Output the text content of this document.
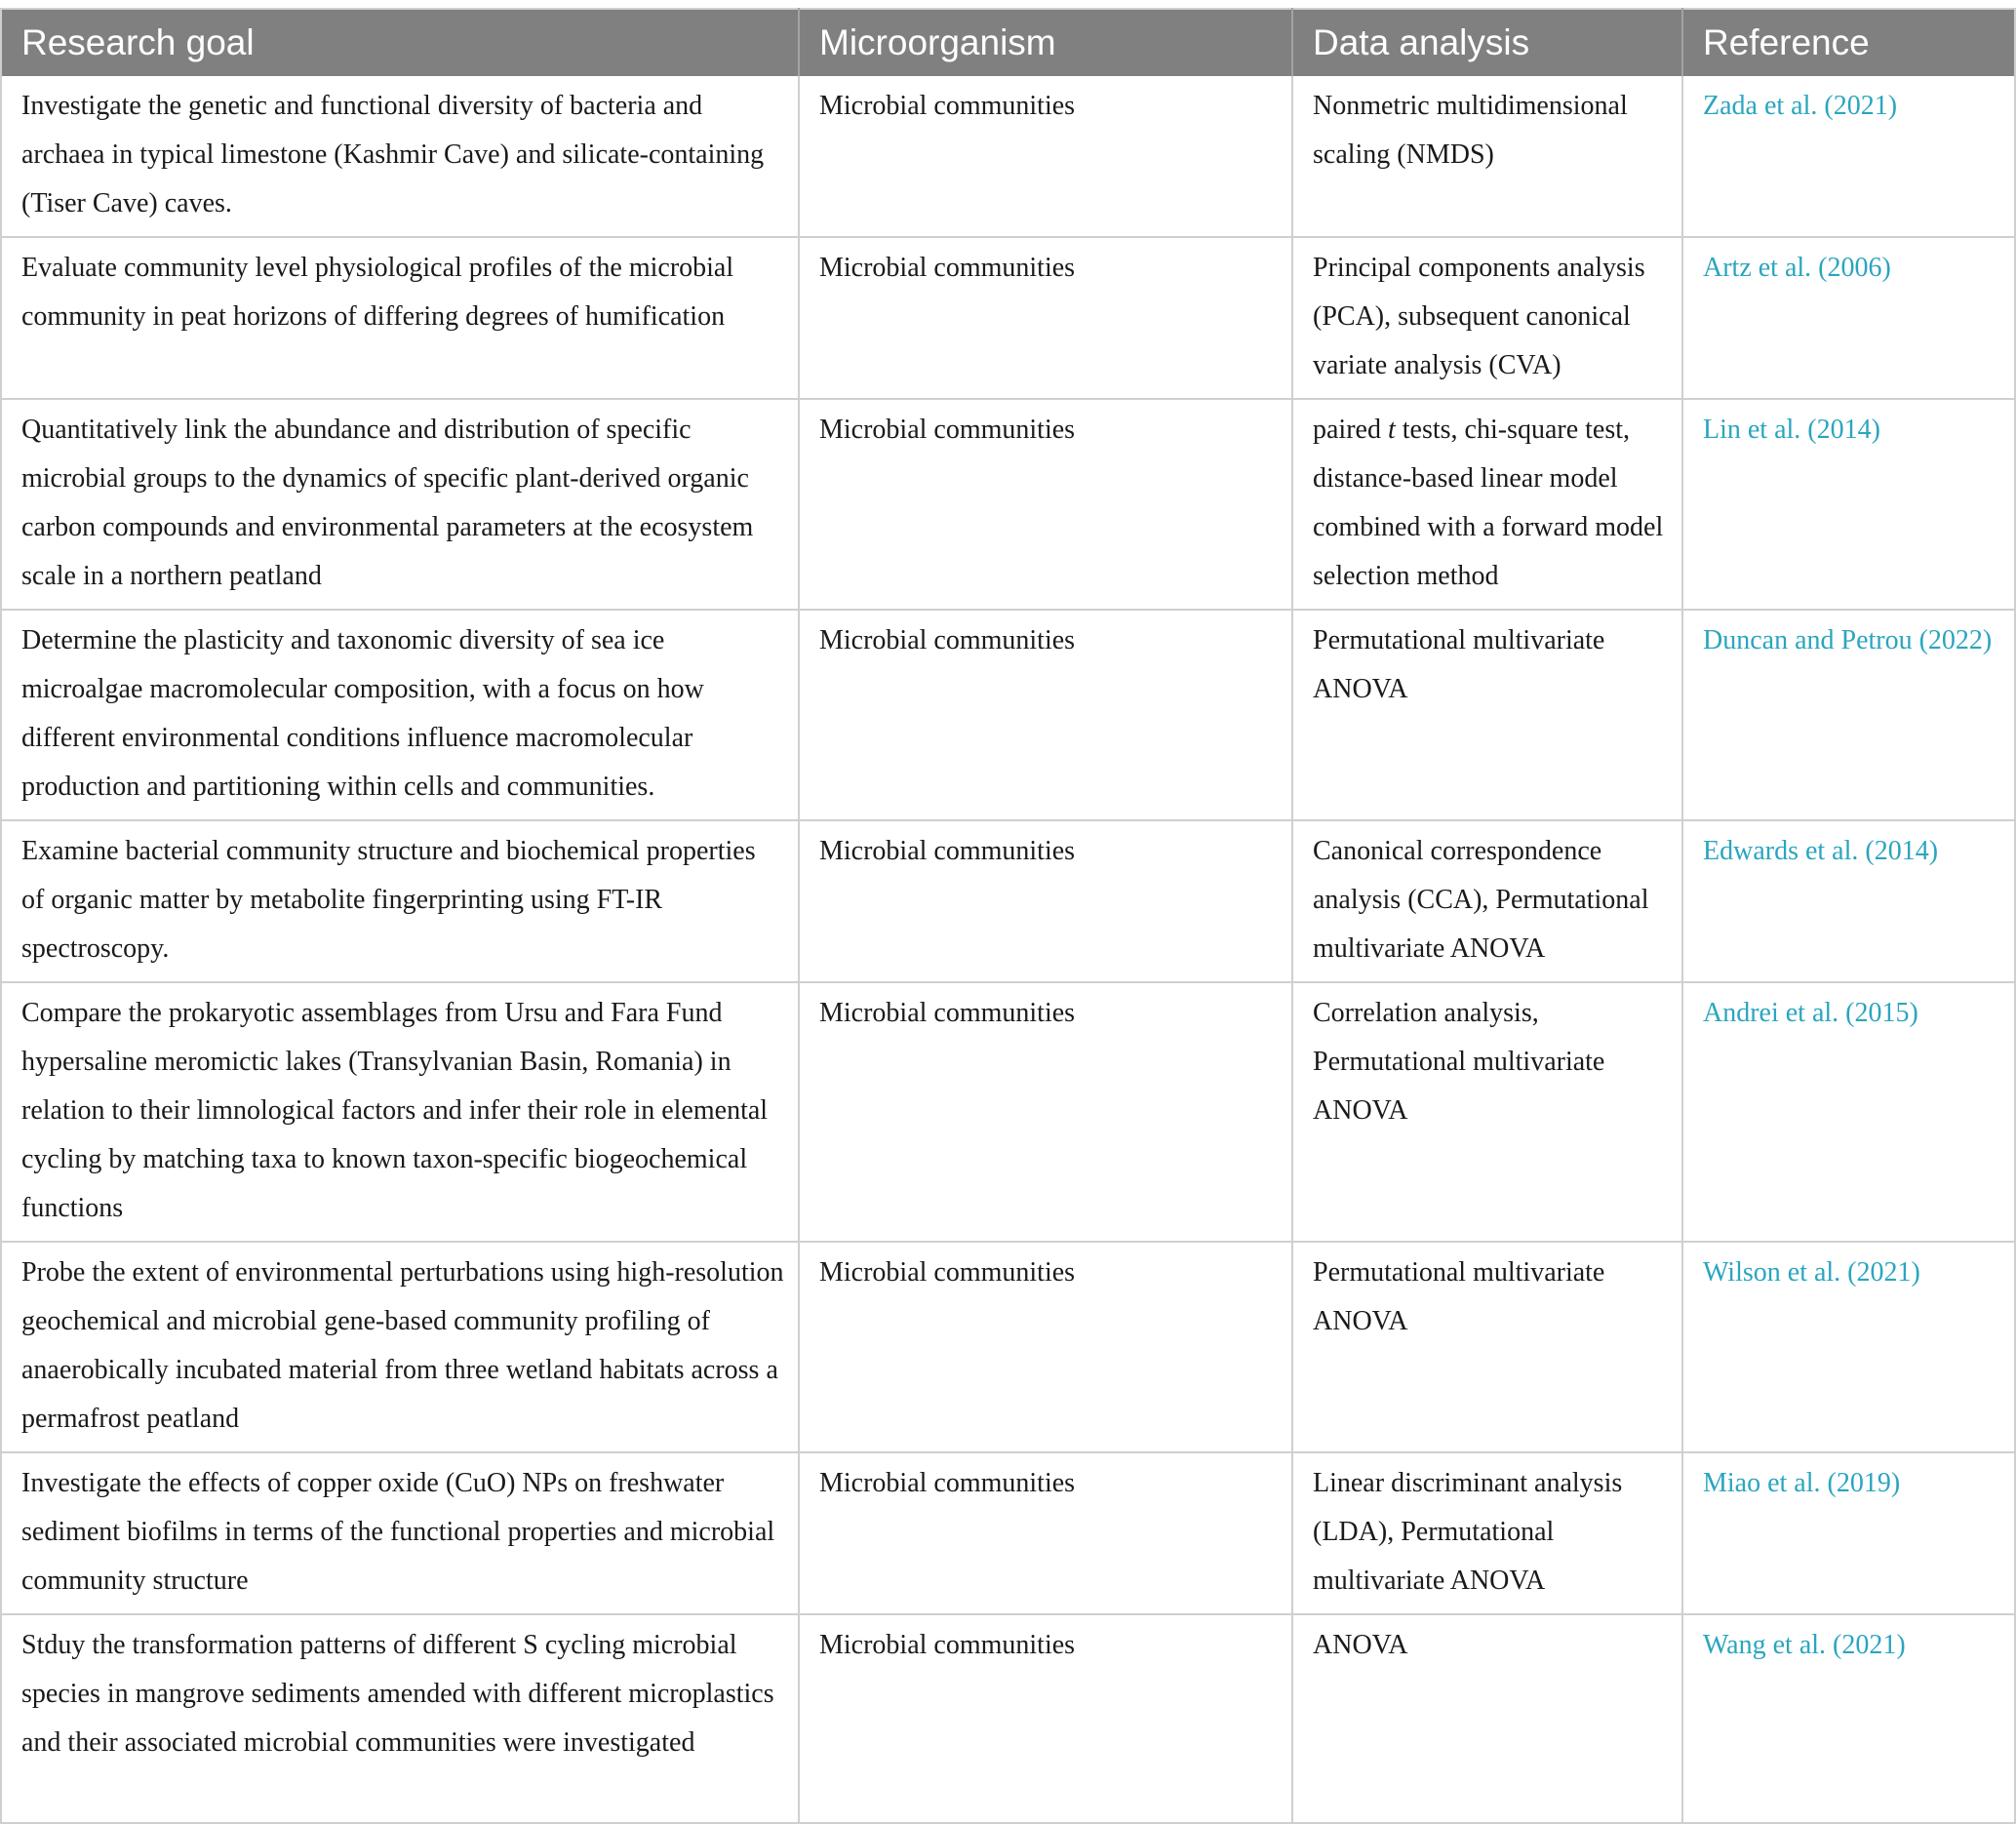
Research goal	Microorganism	Data analysis	Reference
Investigate the genetic and functional diversity of bacteria and archaea in typical limestone (Kashmir Cave) and silicate-containing (Tiser Cave) caves.	Microbial communities	Nonmetric multidimensional scaling (NMDS)	Zada et al. (2021)
Evaluate community level physiological profiles of the microbial community in peat horizons of differing degrees of humification	Microbial communities	Principal components analysis (PCA), subsequent canonical variate analysis (CVA)	Artz et al. (2006)
Quantitatively link the abundance and distribution of specific microbial groups to the dynamics of specific plant-derived organic carbon compounds and environmental parameters at the ecosystem scale in a northern peatland	Microbial communities	paired t tests, chi-square test, distance-based linear model combined with a forward model selection method	Lin et al. (2014)
Determine the plasticity and taxonomic diversity of sea ice microalgae macromolecular composition, with a focus on how different environmental conditions influence macromolecular production and partitioning within cells and communities.	Microbial communities	Permutational multivariate ANOVA	Duncan and Petrou (2022)
Examine bacterial community structure and biochemical properties of organic matter by metabolite fingerprinting using FT-IR spectroscopy.	Microbial communities	Canonical correspondence analysis (CCA), Permutational multivariate ANOVA	Edwards et al. (2014)
Compare the prokaryotic assemblages from Ursu and Fara Fund hypersaline meromictic lakes (Transylvanian Basin, Romania) in relation to their limnological factors and infer their role in elemental cycling by matching taxa to known taxon-specific biogeochemical functions	Microbial communities	Correlation analysis, Permutational multivariate ANOVA	Andrei et al. (2015)
Probe the extent of environmental perturbations using high-resolution geochemical and microbial gene-based community profiling of anaerobically incubated material from three wetland habitats across a permafrost peatland	Microbial communities	Permutational multivariate ANOVA	Wilson et al. (2021)
Investigate the effects of copper oxide (CuO) NPs on freshwater sediment biofilms in terms of the functional properties and microbial community structure	Microbial communities	Linear discriminant analysis (LDA), Permutational multivariate ANOVA	Miao et al. (2019)
Stduy the transformation patterns of different S cycling microbial species in mangrove sediments amended with different microplastics and their associated microbial communities were investigated	Microbial communities	ANOVA	Wang et al. (2021)
